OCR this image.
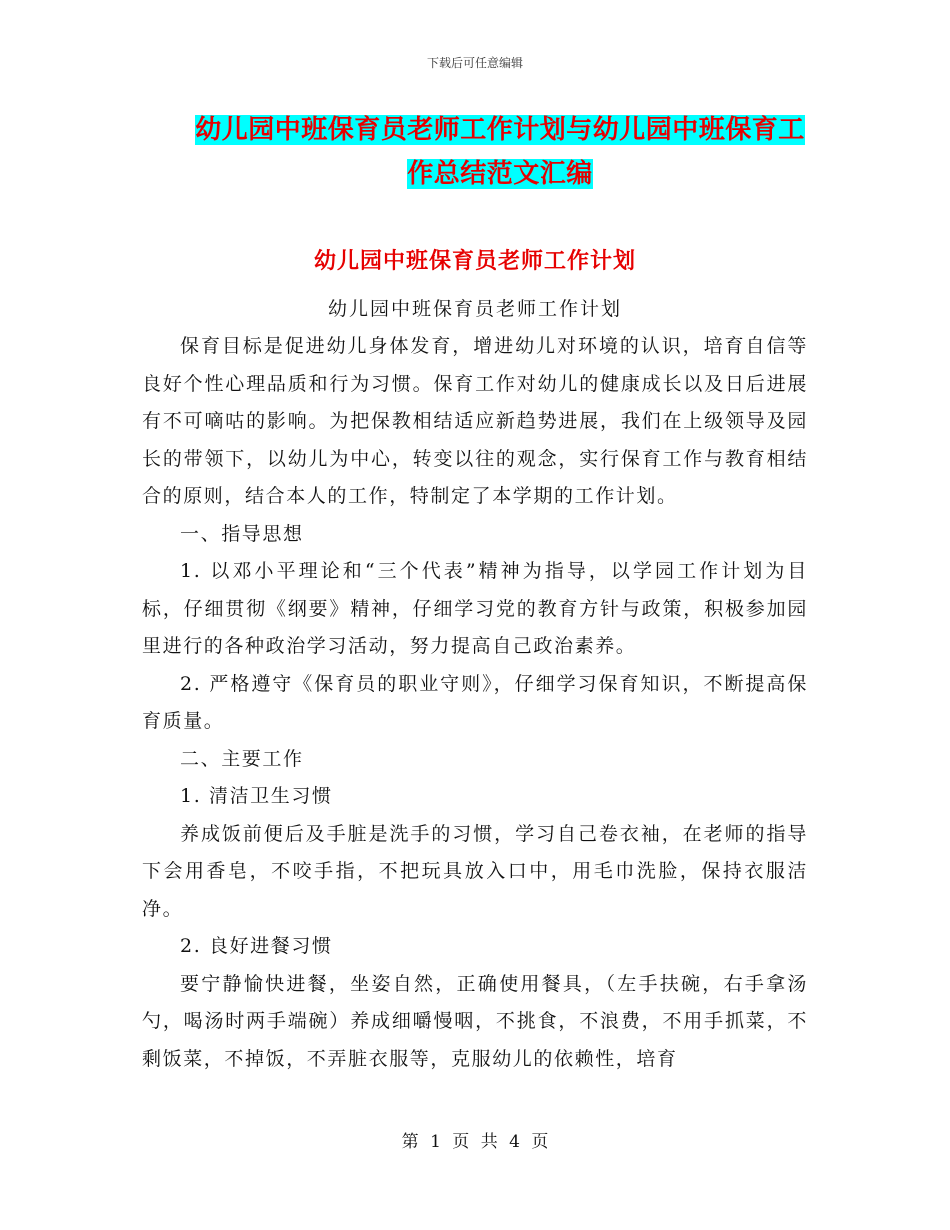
下载后可任意编辑
幼儿园中班保育员老师工作计划与幼儿园中班保育工作总结范文汇编
幼儿园中班保育员老师工作计划
幼儿园中班保育员老师工作计划

保育目标是促进幼儿身体发育，增进幼儿对环境的认识，培育自信等良好个性心理品质和行为习惯。保育工作对幼儿的健康成长以及日后进展有不可嘀咕的影响。为把保教相结适应新趋势进展，我们在上级领导及园长的带领下，以幼儿为中心，转变以往的观念，实行保育工作与教育相结合的原则，结合本人的工作，特制定了本学期的工作计划。

一、指导思想

1. 以邓小平理论和“三个代表”精神为指导，以学园工作计划为目标，仔细贯彻《纲要》精神，仔细学习党的教育方针与政策，积极参加园里进行的各种政治学习活动，努力提高自己政治素养。

2. 严格遵守《保育员的职业守则》，仔细学习保育知识，不断提高保育质量。

二、主要工作

1. 清洁卫生习惯

养成饭前便后及手脏是洗手的习惯，学习自己卷衣袖，在老师的指导下会用香皂，不咬手指，不把玩具放入口中，用毛巾洗脸，保持衣服洁净。

2. 良好进餐习惯

要宁静愉快进餐，坐姿自然，正确使用餐具，（左手扶碗，右手拿汤勺，喝汤时两手端碗）养成细嚼慢咽，不挑食，不浪费，不用手抓菜，不剩饭菜，不掉饭，不弄脏衣服等，克服幼儿的依赖性，培育

第 1 页 共 4 页
